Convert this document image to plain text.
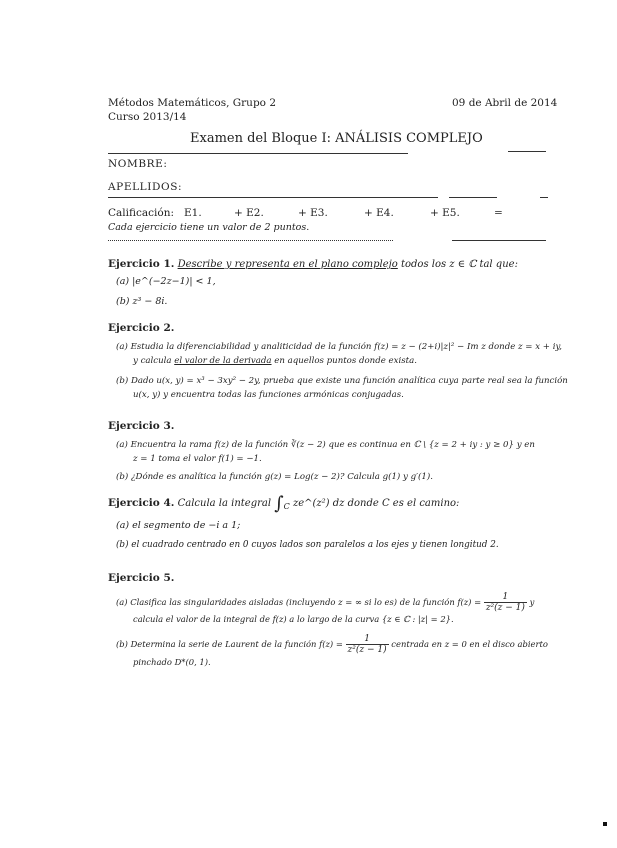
Métodos Matemáticos, Grupo 2
Curso 2013/14
09 de Abril de 2014
Examen del Bloque I: ANÁLISIS COMPLEJO
NOMBRE:
APELLIDOS:
Calificación: E1.	+ E2.	+ E3.	+ E4.	+ E5.	=
Cada ejercicio tiene un valor de 2 puntos.
Ejercicio 1. Describe y representa en el plano complejo todos los z ∈ ℂ tal que:
(a) |e^(−2z−1)| < 1,
(b) z³ − 8i.
Ejercicio 2.
(a) Estudia la diferenciabilidad y analiticidad de la función f(z) = z − (2+i)|z|² − Im z donde z = x + iy,
y calcula el valor de la derivada en aquellos puntos donde exista.
(b) Dado u(x, y) = x³ − 3xy² − 2y, prueba que existe una función analítica cuya parte real sea la función
u(x, y) y encuentra todas las funciones armónicas conjugadas.
Ejercicio 3.
(a) Encuentra la rama f(z) de la función ∛(z − 2) que es continua en ℂ \ {z = 2 + iy : y ≥ 0} y en
z = 1 toma el valor f(1) = −1.
(b) ¿Dónde es analítica la función g(z) = Log(z − 2)? Calcula g(1) y g′(1).
Ejercicio 4. Calcula la integral $\int_C$ ze^(z²) dz donde C es el camino:
(a) el segmento de −i a 1;
(b) el cuadrado centrado en 0 cuyos lados son paralelos a los ejes y tienen longitud 2.
Ejercicio 5.
(a) Clasifica las singularidades aisladas (incluyendo z = ∞ si lo es) de la función $f(z) = \frac{1}{\text{z²(z − 1)}}$ y
calcula el valor de la integral de f(z) a lo largo de la curva {z ∈ ℂ : |z| = 2}.
(b) Determina la serie de Laurent de la función $f(z) = \frac{1}{\text{z²(z − 1)}}$ centrada en z = 0 en el disco abierto
pinchado D*(0, 1).
